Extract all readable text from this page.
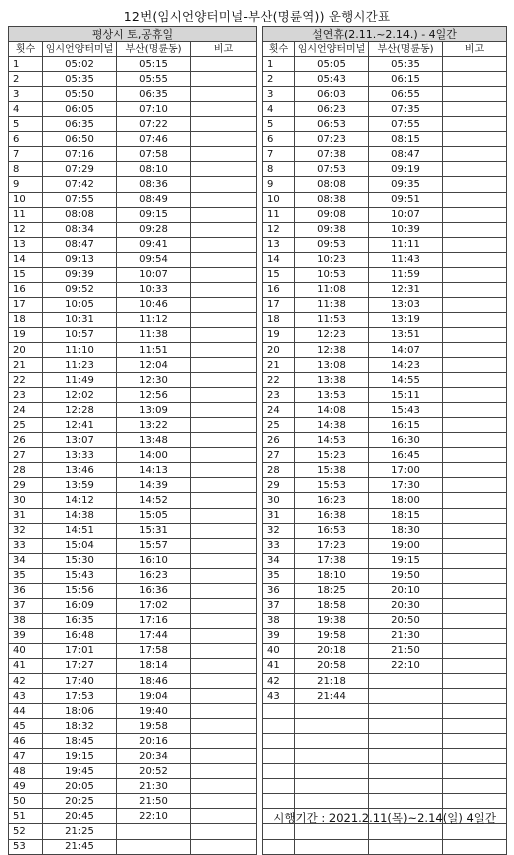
12번(임시언양터미널-부산(명륜역)) 운행시간표
평상시 토,공휴일			
횟수	임시언양터미널	부산(명륜동)	비고
1	05:02	05:15	
2	05:35	05:55	
3	05:50	06:35	
4	06:05	07:10	
5	06:35	07:22	
6	06:50	07:46	
7	07:16	07:58	
8	07:29	08:10	
9	07:42	08:36	
10	07:55	08:49	
11	08:08	09:15	
12	08:34	09:28	
13	08:47	09:41	
14	09:13	09:54	
15	09:39	10:07	
16	09:52	10:33	
17	10:05	10:46	
18	10:31	11:12	
19	10:57	11:38	
20	11:10	11:51	
21	11:23	12:04	
22	11:49	12:30	
23	12:02	12:56	
24	12:28	13:09	
25	12:41	13:22	
26	13:07	13:48	
27	13:33	14:00	
28	13:46	14:13	
29	13:59	14:39	
30	14:12	14:52	
31	14:38	15:05	
32	14:51	15:31	
33	15:04	15:57	
34	15:30	16:10	
35	15:43	16:23	
36	15:56	16:36	
37	16:09	17:02	
38	16:35	17:16	
39	16:48	17:44	
40	17:01	17:58	
41	17:27	18:14	
42	17:40	18:46	
43	17:53	19:04	
44	18:06	19:40	
45	18:32	19:58	
46	18:45	20:16	
47	19:15	20:34	
48	19:45	20:52	
49	20:05	21:30	
50	20:25	21:50	
51	20:45	22:10	
52	21:25		
53	21:45		
설연휴(2.11.~2.14.) - 4일간			
횟수	임시언양터미널	부산(명륜동)	비고
1	05:05	05:35	
2	05:43	06:15	
3	06:03	06:55	
4	06:23	07:35	
5	06:53	07:55	
6	07:23	08:15	
7	07:38	08:47	
8	07:53	09:19	
9	08:08	09:35	
10	08:38	09:51	
11	09:08	10:07	
12	09:38	10:39	
13	09:53	11:11	
14	10:23	11:43	
15	10:53	11:59	
16	11:08	12:31	
17	11:38	13:03	
18	11:53	13:19	
19	12:23	13:51	
20	12:38	14:07	
21	13:08	14:23	
22	13:38	14:55	
23	13:53	15:11	
24	14:08	15:43	
25	14:38	16:15	
26	14:53	16:30	
27	15:23	16:45	
28	15:38	17:00	
29	15:53	17:30	
30	16:23	18:00	
31	16:38	18:15	
32	16:53	18:30	
33	17:23	19:00	
34	17:38	19:15	
35	18:10	19:50	
36	18:25	20:10	
37	18:58	20:30	
38	19:38	20:50	
39	19:58	21:30	
40	20:18	21:50	
41	20:58	22:10	
42	21:18		
43	21:44		

시행기간 : 2021.2.11(목)~2.14(일) 4일간
